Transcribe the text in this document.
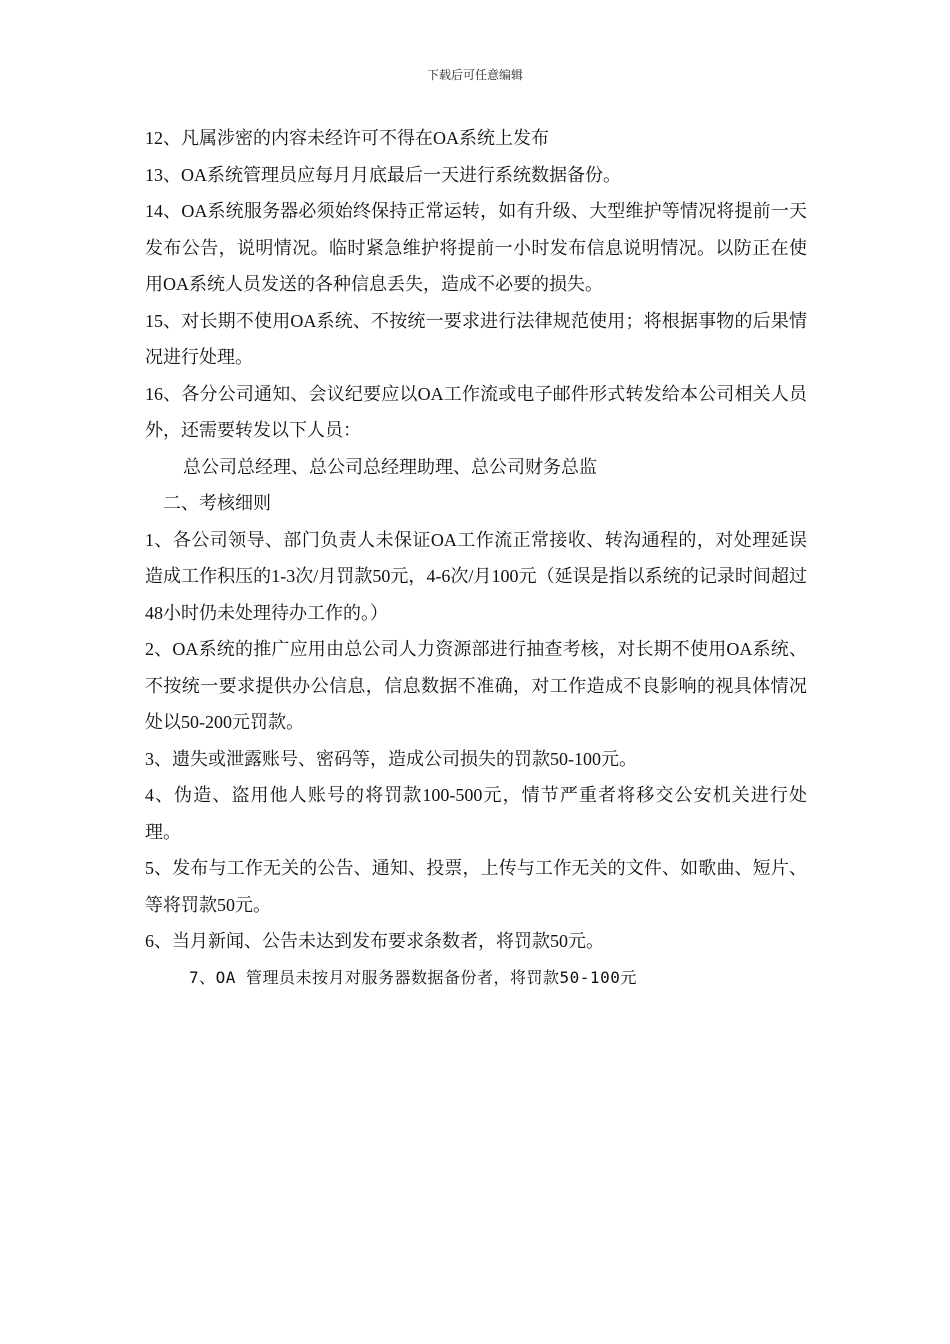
下载后可任意编辑

12、凡属涉密的内容未经许可不得在OA系统上发布

13、OA系统管理员应每月月底最后一天进行系统数据备份。

14、OA系统服务器必须始终保持正常运转，如有升级、大型维护等情况将提前一天发布公告，说明情况。临时紧急维护将提前一小时发布信息说明情况。以防正在使用OA系统人员发送的各种信息丢失，造成不必要的损失。

15、对长期不使用OA系统、不按统一要求进行法律规范使用；将根据事物的后果情况进行处理。

16、各分公司通知、会议纪要应以OA工作流或电子邮件形式转发给本公司相关人员外，还需要转发以下人员：

总公司总经理、总公司总经理助理、总公司财务总监

二、考核细则

1、各公司领导、部门负责人未保证OA工作流正常接收、转沟通程的，对处理延误造成工作积压的1-3次/月罚款50元，4-6次/月100元（延误是指以系统的记录时间超过48小时仍未处理待办工作的。）

2、OA系统的推广应用由总公司人力资源部进行抽查考核，对长期不使用OA系统、不按统一要求提供办公信息，信息数据不准确，对工作造成不良影响的视具体情况处以50-200元罚款。

3、遗失或泄露账号、密码等，造成公司损失的罚款50-100元。

4、伪造、盗用他人账号的将罚款100-500元，情节严重者将移交公安机关进行处理。

5、发布与工作无关的公告、通知、投票，上传与工作无关的文件、如歌曲、短片、等将罚款50元。

6、当月新闻、公告未达到发布要求条数者，将罚款50元。

7、OA 管理员未按月对服务器数据备份者，将罚款50-100元
